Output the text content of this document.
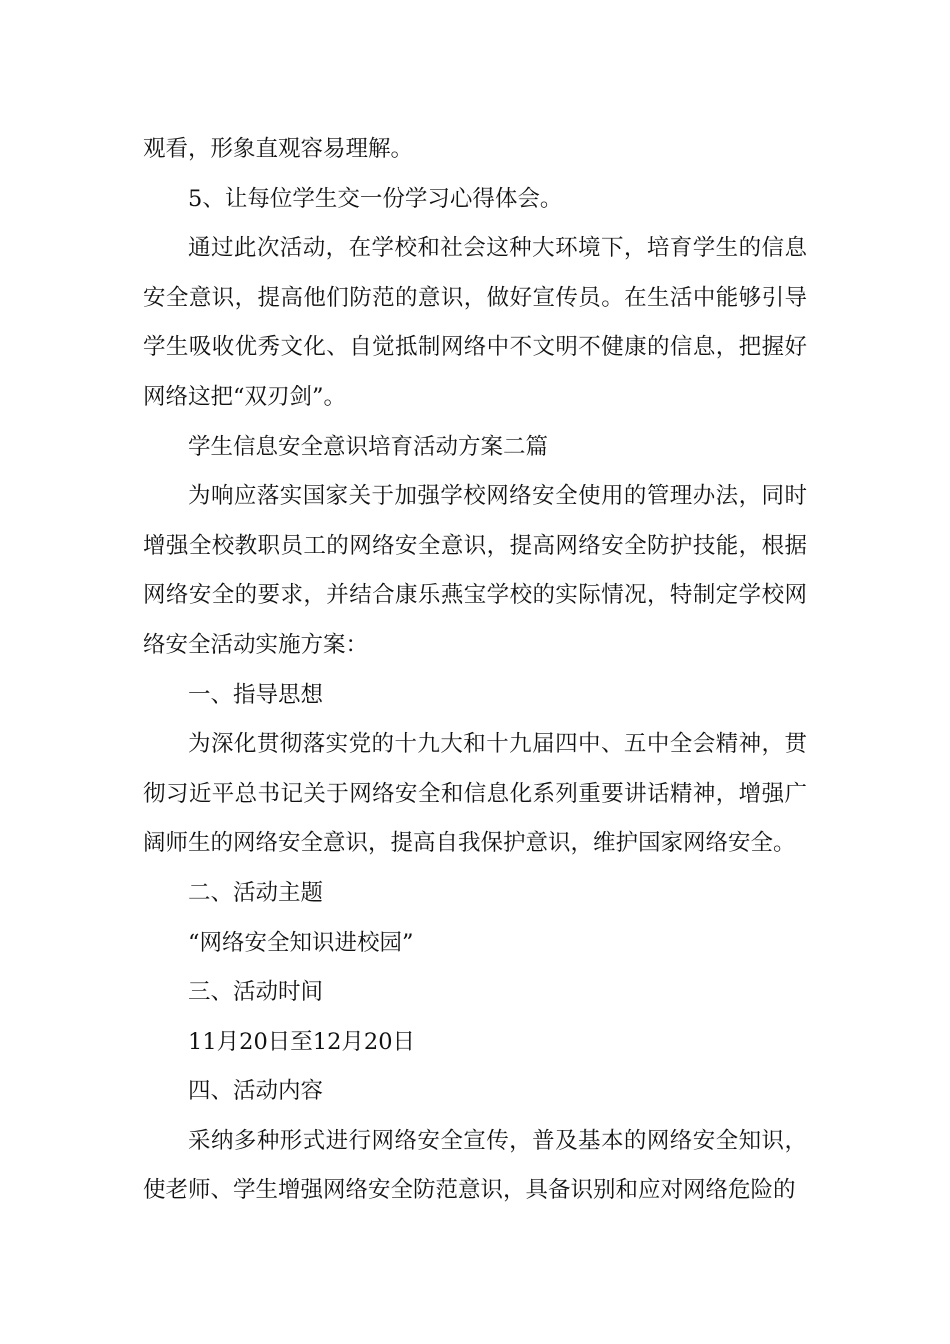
观看，形象直观容易理解。

5、让每位学生交一份学习心得体会。

通过此次活动，在学校和社会这种大环境下，培育学生的信息安全意识，提高他们防范的意识，做好宣传员。在生活中能够引导学生吸收优秀文化、自觉抵制网络中不文明不健康的信息，把握好网络这把“双刃剑”。

学生信息安全意识培育活动方案二篇

为响应落实国家关于加强学校网络安全使用的管理办法，同时增强全校教职员工的网络安全意识，提高网络安全防护技能，根据网络安全的要求，并结合康乐燕宝学校的实际情况，特制定学校网络安全活动实施方案：

一、指导思想

为深化贯彻落实党的十九大和十九届四中、五中全会精神，贯彻习近平总书记关于网络安全和信息化系列重要讲话精神，增强广阔师生的网络安全意识，提高自我保护意识，维护国家网络安全。

二、活动主题

“网络安全知识进校园”

三、活动时间

11月20日至12月20日

四、活动内容

采纳多种形式进行网络安全宣传，普及基本的网络安全知识，使老师、学生增强网络安全防范意识，具备识别和应对网络危险的
